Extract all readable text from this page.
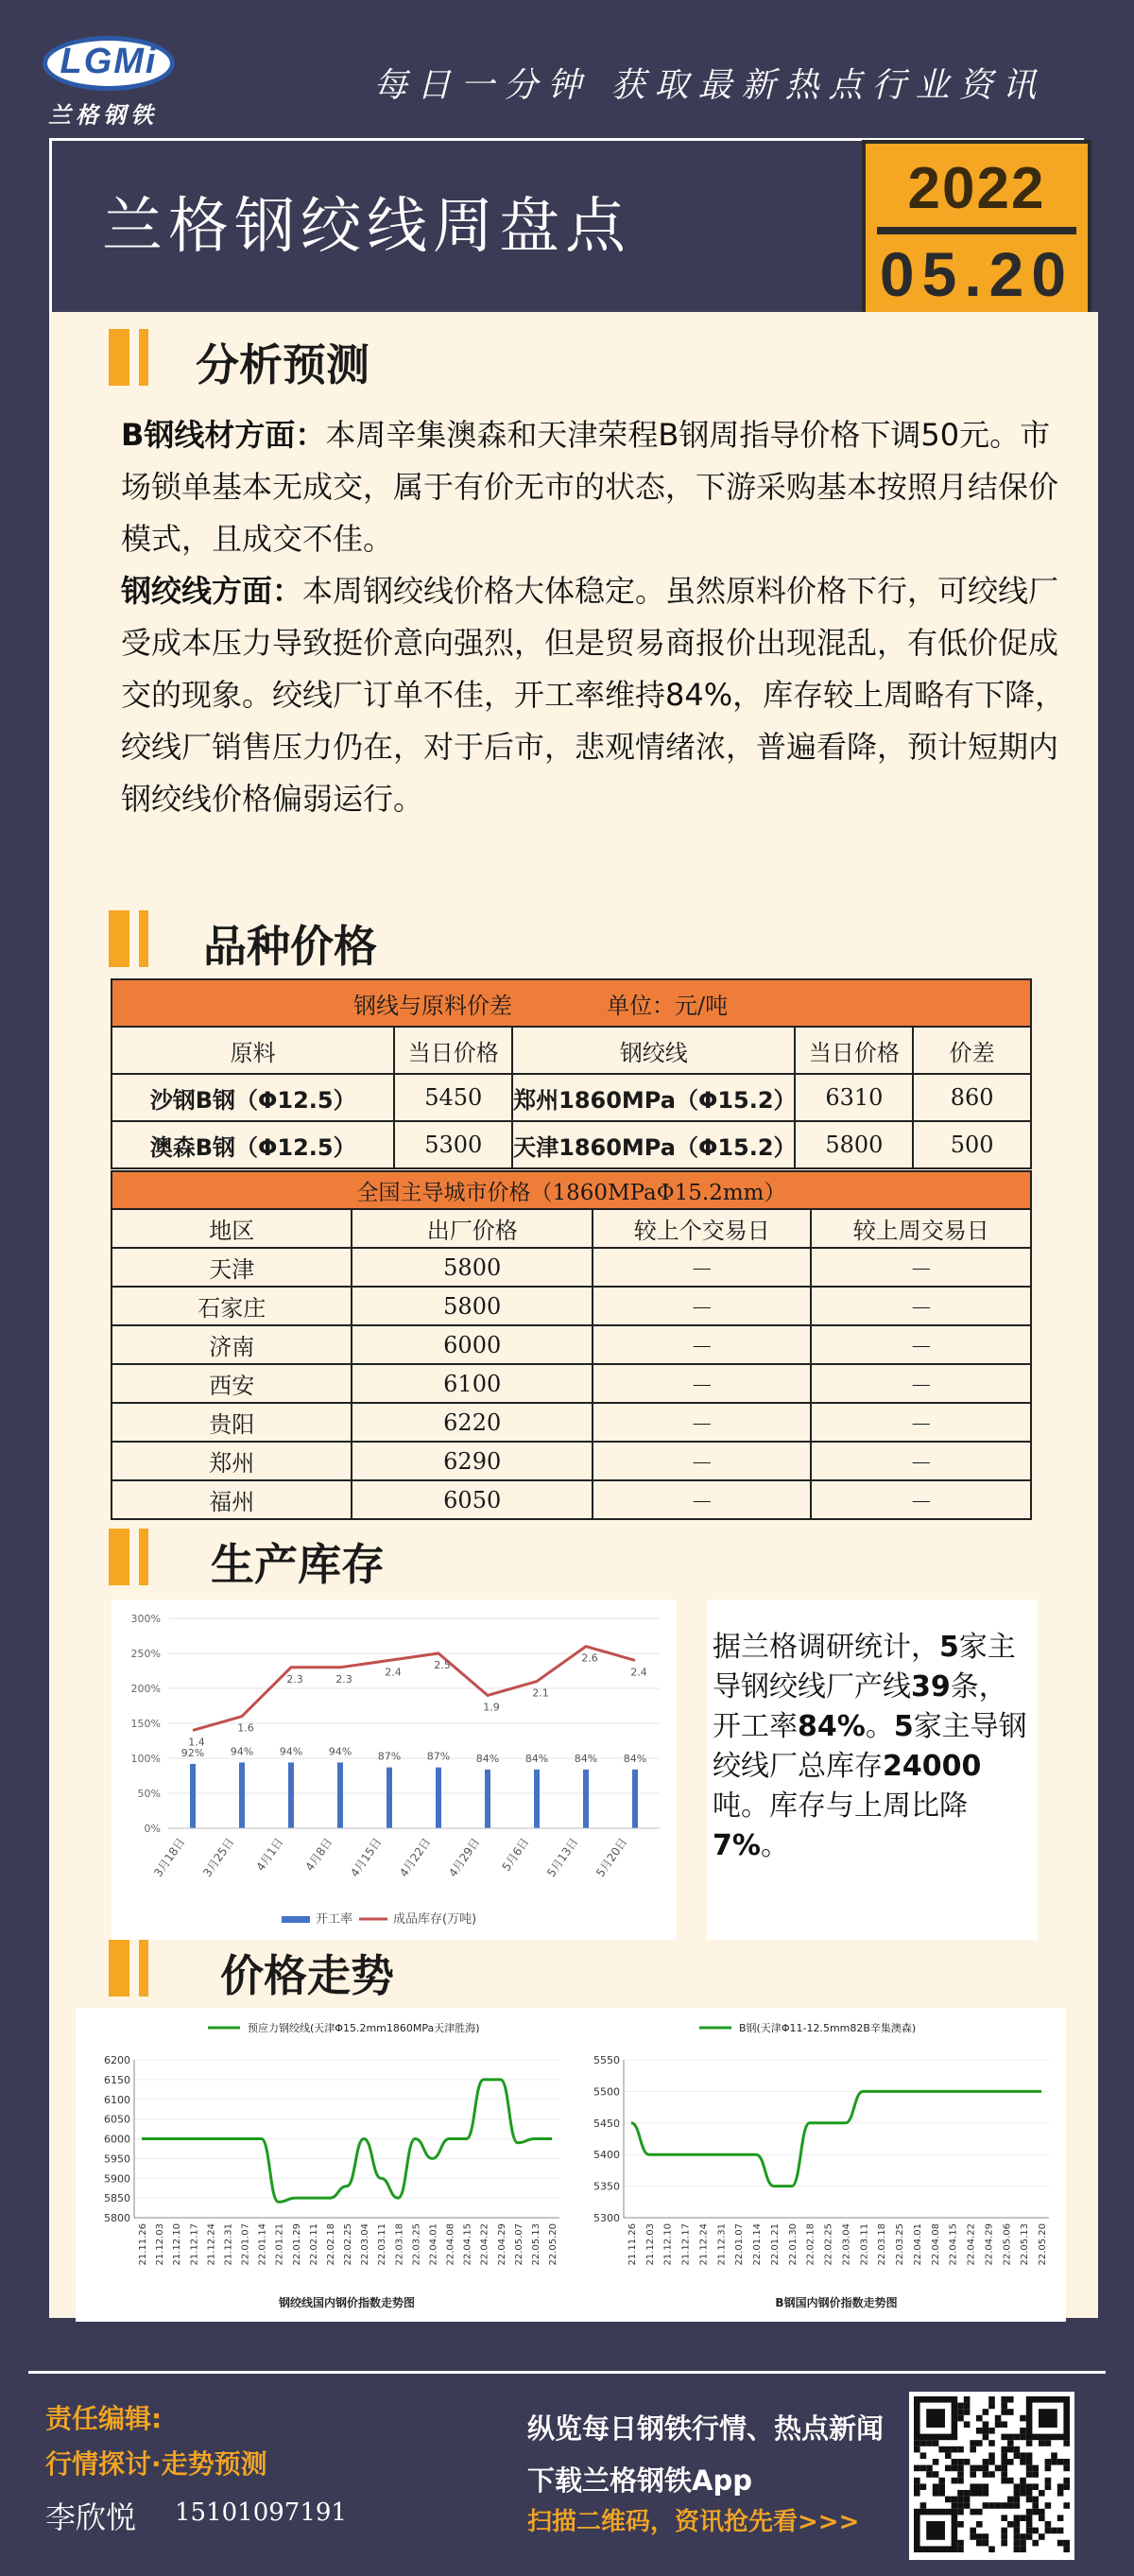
LGMi
兰格钢铁
每日一分钟 获取最新热点行业资讯
兰格钢绞线周盘点
2022
05.20
分析预测
B钢线材方面：本周辛集澳森和天津荣程B钢周指导价格下调50元。市场锁单基本无成交，属于有价无市的状态，下游采购基本按照月结保价模式，且成交不佳。
钢绞线方面：本周钢绞线价格大体稳定。虽然原料价格下行，可绞线厂受成本压力导致挺价意向强烈，但是贸易商报价出现混乱，有低价促成交的现象。绞线厂订单不佳，开工率维持84%，库存较上周略有下降，绞线厂销售压力仍在，对于后市，悲观情绪浓，普遍看降，预计短期内钢绞线价格偏弱运行。
品种价格
钢线与原料价差 单位：元/吨				
原料	当日价格	钢绞线	当日价格	价差
沙钢B钢（Φ12.5）	5450	郑州1860MPa（Φ15.2）	6310	860
澳森B钢（Φ12.5）	5300	天津1860MPa（Φ15.2）	5800	500
全国主导城市价格（1860MPaΦ15.2mm）			
地区	出厂价格	较上个交易日	较上周交易日
天津	5800	－	－
石家庄	5800	－	－
济南	6000	－	－
西安	6100	－	－
贵阳	6220	－	－
郑州	6290	－	－
福州	6050	－	－
生产库存
0%
50%
100%
150%
200%
250%
300%
92%	94%	94%	94%	87%	87%	84%	84%	84%	84%
1.4
1.6
2.3	2.3
2.4
2.5
1.9
2.1
2.6
2.4
3月18日 3月25日 4月1日 4月8日 4月15日 4月22日 4月29日 5月6日 5月13日 5月20日
开工率	成品库存(万吨)
据兰格调研统计，5家主导钢绞线厂产线39条，开工率84%。5家主导钢绞线厂总库存24000吨。库存与上周比降7%。
价格走势
预应力钢绞线(天津Φ15.2mm1860MPa天津胜海)
5800
5850
5900
5950
6000
6050
6100
6150
6200
21.11.26 21.12.03 21.12.10 21.12.17 21.12.24 21.12.31 22.01.07 22.01.14 22.01.21 22.01.29 22.02.11 22.02.18 22.02.25 22.03.04 22.03.11 22.03.18 22.03.25 22.04.01 22.04.08 22.04.15 22.04.22 22.04.29 22.05.07 22.05.13 22.05.20
钢绞线国内钢价指数走势图
B钢(天津Φ11-12.5mm82B辛集澳森)
5300
5350
5400
5450
5500
5550
21.11.26 21.12.03 21.12.10 21.12.17 21.12.24 21.12.31 22.01.07 22.01.14 22.01.21 22.01.30 22.02.18 22.02.25 22.03.04 22.03.11 22.03.18 22.03.25 22.04.01 22.04.08 22.04.15 22.04.22 22.04.29 22.05.06 22.05.13 22.05.20
B钢国内钢价指数走势图
责任编辑:
行情探讨·走势预测
李欣悦 15101097191
纵览每日钢铁行情、热点新闻
下载兰格钢铁App
扫描二维码，资讯抢先看>>>
